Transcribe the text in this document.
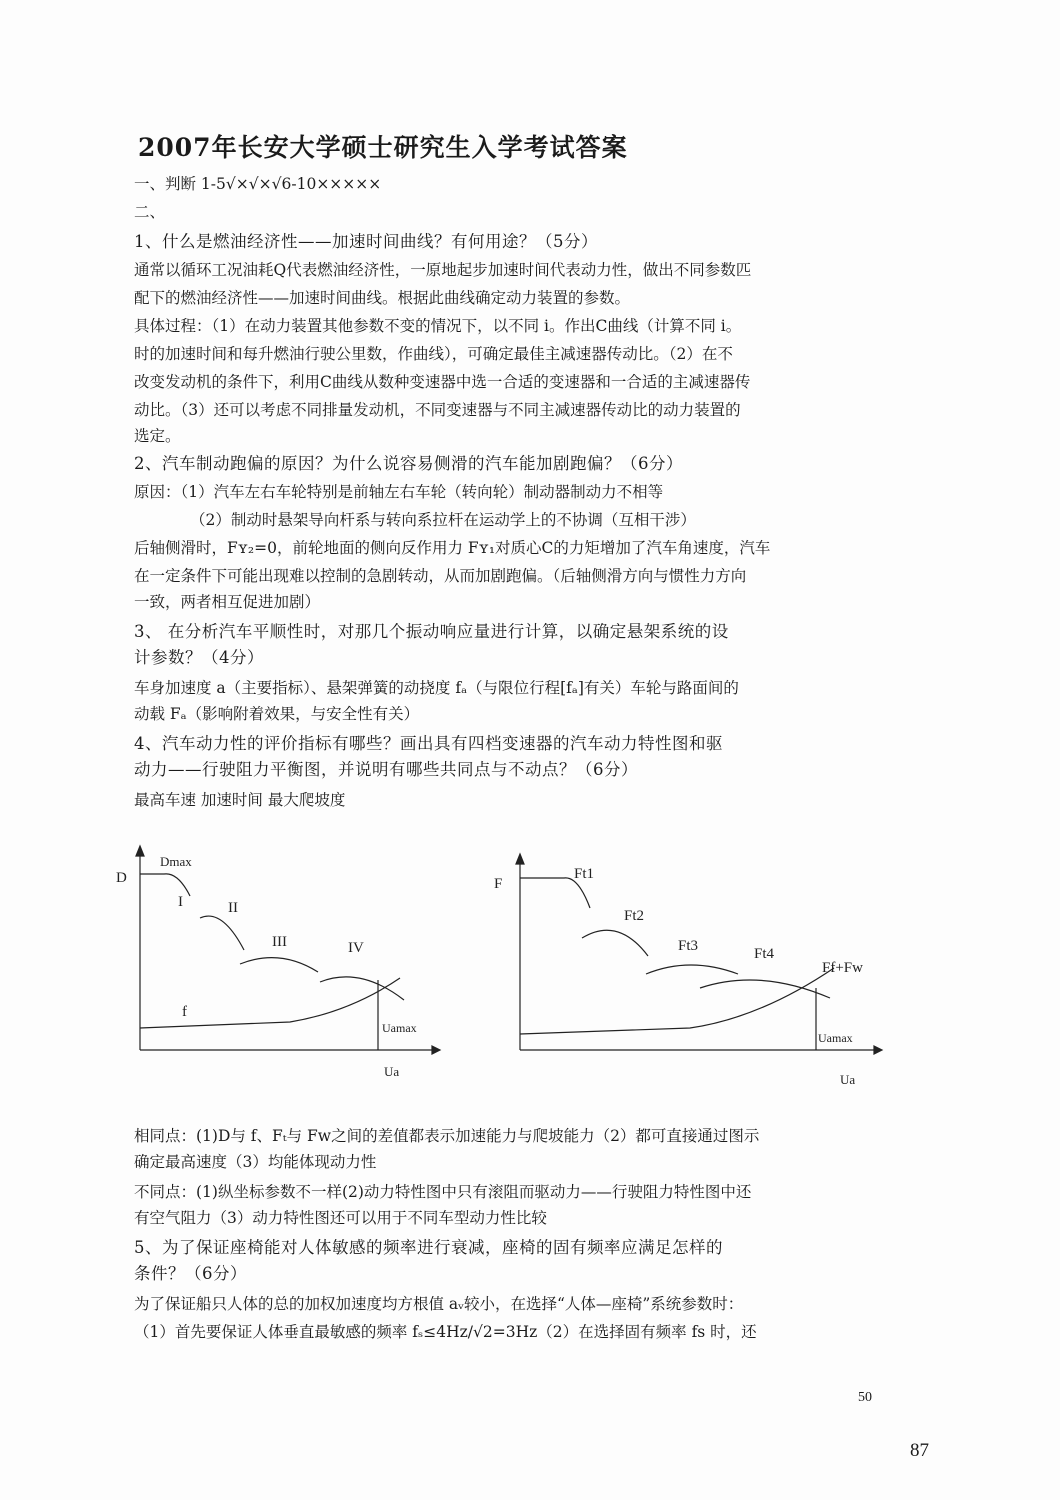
2007年长安大学硕士研究生入学考试答案
一、判断 1-5√×√×√6-10×××××
二、
1、什么是燃油经济性——加速时间曲线？有何用途？（5分）
通常以循环工况油耗Q代表燃油经济性，一原地起步加速时间代表动力性，做出不同参数匹
配下的燃油经济性——加速时间曲线。根据此曲线确定动力装置的参数。
具体过程：（1）在动力装置其他参数不变的情况下，以不同 i。作出C曲线（计算不同 i。
时的加速时间和每升燃油行驶公里数，作曲线），可确定最佳主减速器传动比。（2）在不
改变发动机的条件下，利用C曲线从数种变速器中选一合适的变速器和一合适的主减速器传
动比。（3）还可以考虑不同排量发动机，不同变速器与不同主减速器传动比的动力装置的
选定。
2、汽车制动跑偏的原因？为什么说容易侧滑的汽车能加剧跑偏？（6分）
原因：（1）汽车左右车轮特别是前轴左右车轮（转向轮）制动器制动力不相等
（2）制动时悬架导向杆系与转向系拉杆在运动学上的不协调（互相干涉）
后轴侧滑时，Fʏ₂=0，前轮地面的侧向反作用力 Fʏ₁对质心C的力矩增加了汽车角速度，汽车
在一定条件下可能出现难以控制的急剧转动，从而加剧跑偏。（后轴侧滑方向与惯性力方向
一致，两者相互促进加剧）
3、 在分析汽车平顺性时，对那几个振动响应量进行计算，以确定悬架系统的设
计参数？（4分）
车身加速度 a（主要指标）、悬架弹簧的动挠度 fₐ（与限位行程[fₐ]有关）车轮与路面间的
动载 Fₐ（影响附着效果，与安全性有关）
4、汽车动力性的评价指标有哪些？画出具有四档变速器的汽车动力特性图和驱
动力——行驶阻力平衡图，并说明有哪些共同点与不动点？（6分）
最高车速 加速时间 最大爬坡度
D
Dmax
I	II
III	IV
f
Uamax
Ua
F
Ft1
Ft2
Ft3	Ft4
Ff+Fw
Uamax
Ua
相同点：(1)D与 f、Fₜ与 Fw之间的差值都表示加速能力与爬坡能力（2）都可直接通过图示
确定最高速度（3）均能体现动力性
不同点：(1)纵坐标参数不一样(2)动力特性图中只有滚阻而驱动力——行驶阻力特性图中还
有空气阻力（3）动力特性图还可以用于不同车型动力性比较
5、为了保证座椅能对人体敏感的频率进行衰减，座椅的固有频率应满足怎样的
条件？（6分）
为了保证船只人体的总的加权加速度均方根值 aᵥ较小，在选择“人体—座椅”系统参数时：
（1）首先要保证人体垂直最敏感的频率 fₛ≤4Hz/√2=3Hz（2）在选择固有频率 fs 时，还
50
87
